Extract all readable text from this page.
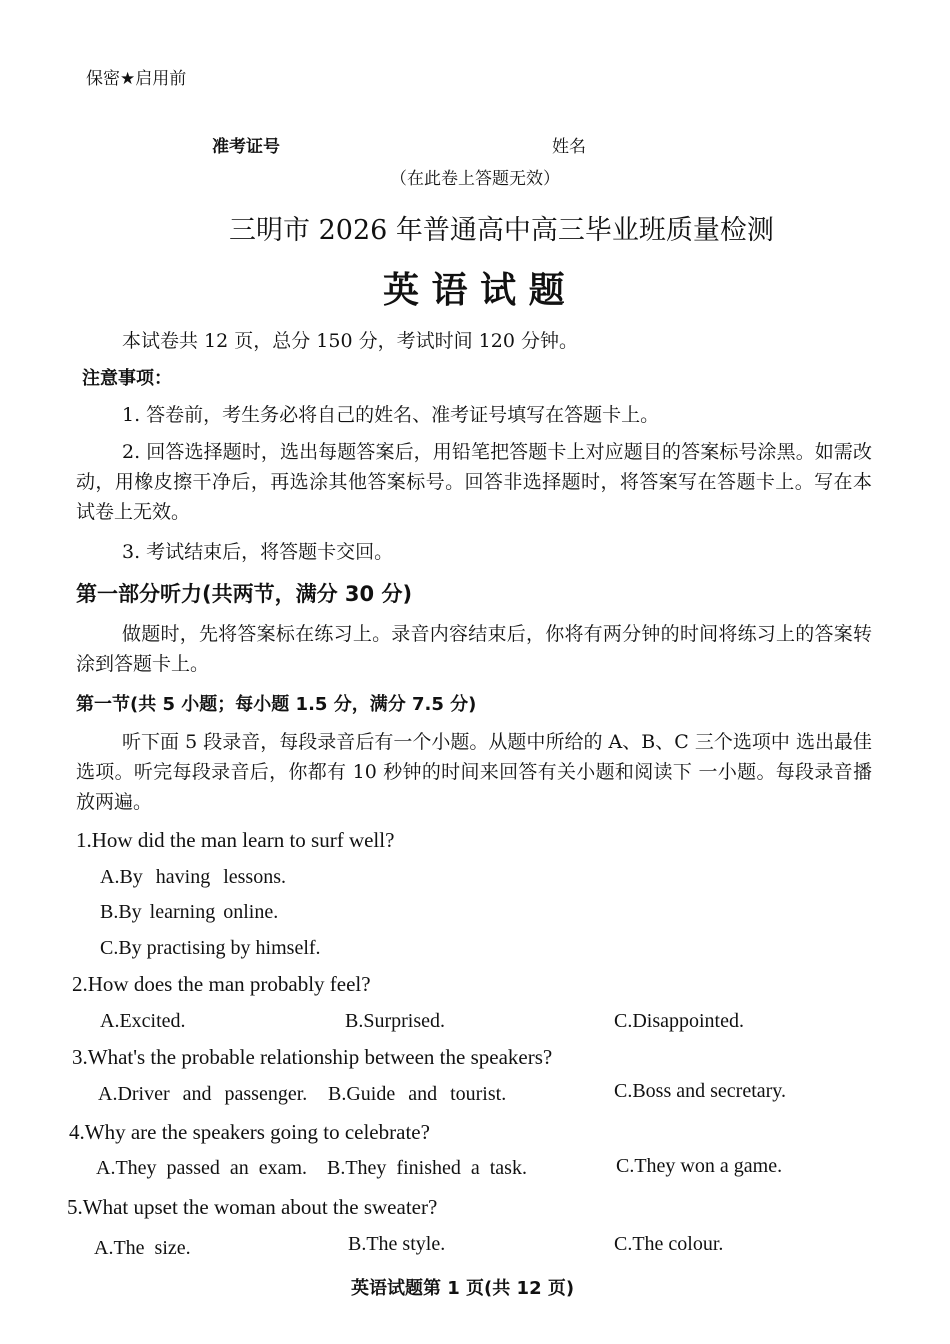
保密★启用前
准考证号	姓名
（在此卷上答题无效）
三明市 2026 年普通高中高三毕业班质量检测
英 语 试 题
本试卷共 12 页，总分 150 分，考试时间 120 分钟。
注意事项：
1. 答卷前，考生务必将自己的姓名、准考证号填写在答题卡上。
2. 回答选择题时，选出每题答案后，用铅笔把答题卡上对应题目的答案标号涂黑。如需改动，用橡皮擦干净后，再选涂其他答案标号。回答非选择题时，将答案写在答题卡上。写在本试卷上无效。
3. 考试结束后，将答题卡交回。
第一部分听力(共两节，满分 30 分)
做题时，先将答案标在练习上。录音内容结束后，你将有两分钟的时间将练习上的答案转涂到答题卡上。
第一节(共 5 小题；每小题 1.5 分，满分 7.5 分)
听下面 5 段录音，每段录音后有一个小题。从题中所给的 A、B、C 三个选项中 选出最佳选项。听完每段录音后，你都有 10 秒钟的时间来回答有关小题和阅读下 一小题。每段录音播放两遍。
1.How did the man learn to surf well?
A.By having lessons.
B.By learning online.
C.By practising by himself.
2.How does the man probably feel?
A.Excited.	B.Surprised.	C.Disappointed.
3.What's the probable relationship between the speakers?
A.Driver and passenger. B.Guide and tourist.	C.Boss and secretary.
4.Why are the speakers going to celebrate?
A.They passed an exam. B.They finished a task.	C.They won a game.
5.What upset the woman about the sweater?
A.The size.	B.The style.	C.The colour.
英语试题第 1 页(共 12 页)
